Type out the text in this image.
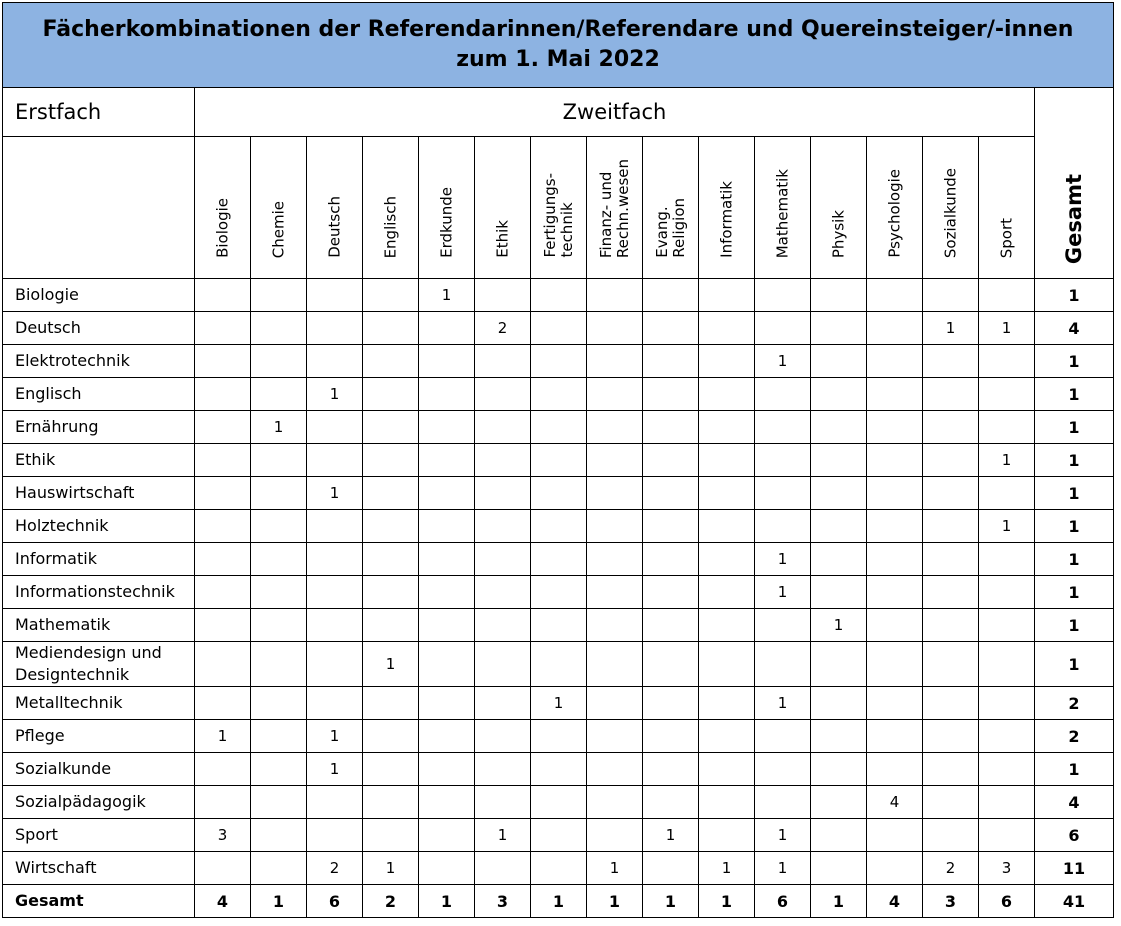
Fächerkombinationen der Referendarinnen/Referendare und Quereinsteiger/-innen
zum 1. Mai 2022																

Erstfach	Zweitfach															Gesamt

	Biologie	Chemie	Deutsch	Englisch	Erdkunde	Ethik	Fertigungs-
technik	Finanz- und
Rechn.wesen	Evang.
Religion	Informatik	Mathematik	Physik	Psychologie	Sozialkunde	Sport	

Biologie					1											1
Deutsch						2								1	1	4
Elektrotechnik											1					1
Englisch			1													1
Ernährung		1														1
Ethik															1	1
Hauswirtschaft			1													1
Holztechnik															1	1
Informatik											1					1
Informationstechnik											1					1
Mathematik												1				1
Mediendesign und Designtechnik				1												1
Metalltechnik							1				1					2
Pflege	1		1													2
Sozialkunde			1													1
Sozialpädagogik													4			4
Sport	3					1			1		1					6
Wirtschaft			2	1				1		1	1			2	3	11
Gesamt	4	1	6	2	1	3	1	1	1	1	6	1	4	3	6	41
